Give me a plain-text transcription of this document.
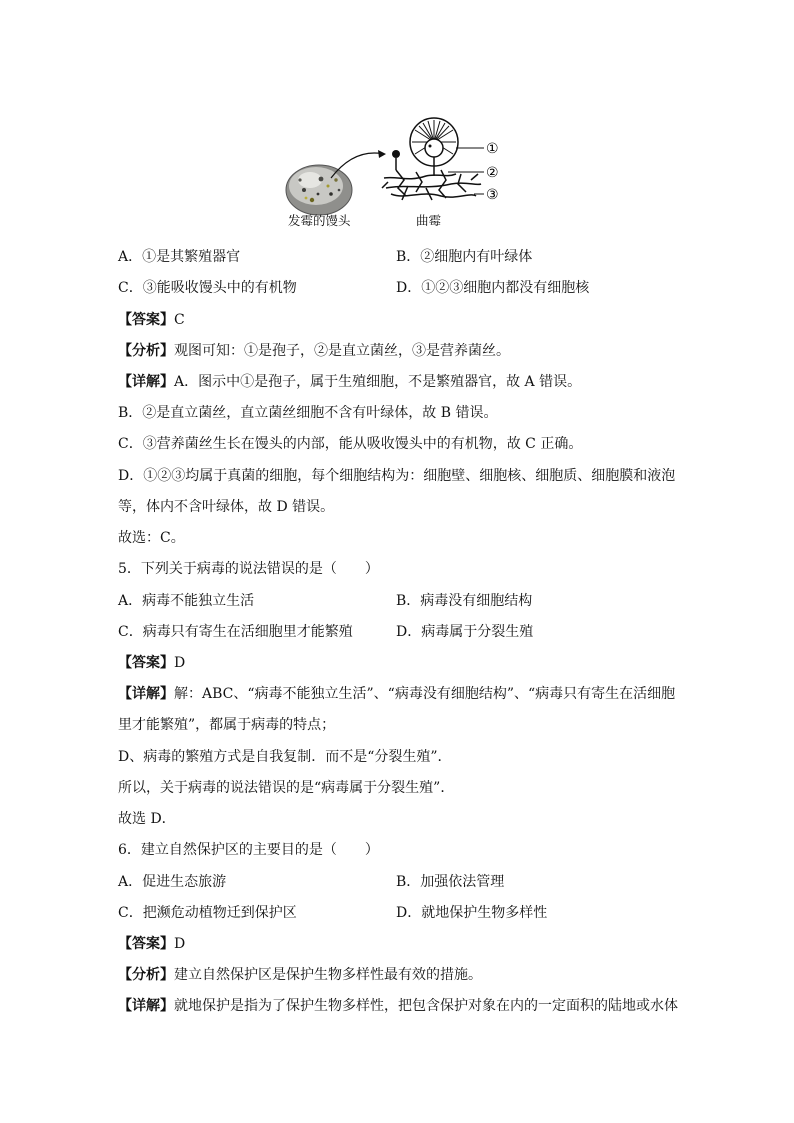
①
②
③
发霉的馒头	曲霉
A．①是其繁殖器官	B．②细胞内有叶绿体
C．③能吸收馒头中的有机物	D．①②③细胞内都没有细胞核
【答案】C
【分析】观图可知：①是孢子，②是直立菌丝，③是营养菌丝。
【详解】A．图示中①是孢子，属于生殖细胞，不是繁殖器官，故 A 错误。
B．②是直立菌丝，直立菌丝细胞不含有叶绿体，故 B 错误。
C．③营养菌丝生长在馒头的内部，能从吸收馒头中的有机物，故 C 正确。
D．①②③均属于真菌的细胞，每个细胞结构为：细胞壁、细胞核、细胞质、细胞膜和液泡
等，体内不含叶绿体，故 D 错误。
故选：C。
5．下列关于病毒的说法错误的是（　　）
A．病毒不能独立生活	B．病毒没有细胞结构
C．病毒只有寄生在活细胞里才能繁殖	D．病毒属于分裂生殖
【答案】D
【详解】解：ABC、“病毒不能独立生活”、“病毒没有细胞结构”、“病毒只有寄生在活细胞
里才能繁殖”，都属于病毒的特点；
D、病毒的繁殖方式是自我复制．而不是“分裂生殖”．
所以，关于病毒的说法错误的是“病毒属于分裂生殖”．
故选 D．
6．建立自然保护区的主要目的是（　　）
A．促进生态旅游	B．加强依法管理
C．把濒危动植物迁到保护区	D．就地保护生物多样性
【答案】D
【分析】建立自然保护区是保护生物多样性最有效的措施。
【详解】就地保护是指为了保护生物多样性，把包含保护对象在内的一定面积的陆地或水体
